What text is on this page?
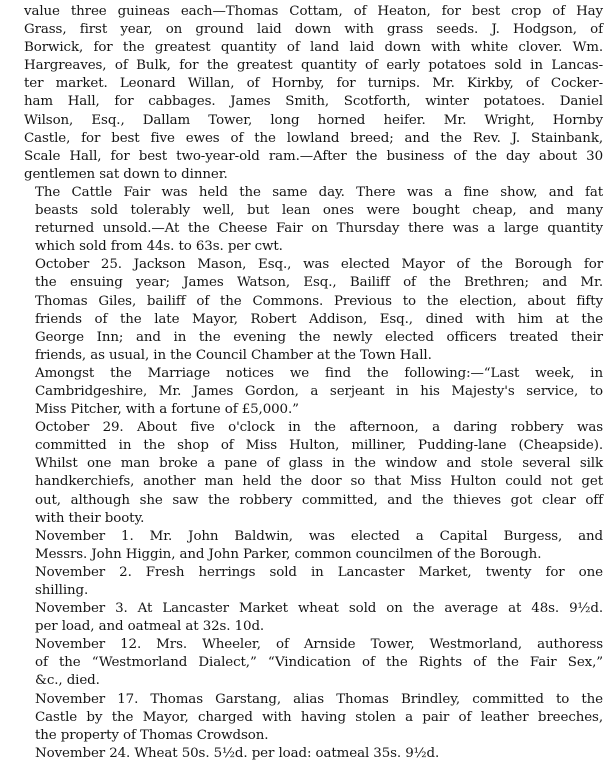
value three guineas each—Thomas Cottam, of Heaton, for best crop of Hay
Grass, first year, on ground laid down with grass seeds. J. Hodgson, of
Borwick, for the greatest quantity of land laid down with white clover. Wm.
Hargreaves, of Bulk, for the greatest quantity of early potatoes sold in Lancas-
ter market. Leonard Willan, of Hornby, for turnips. Mr. Kirkby, of Cocker-
ham Hall, for cabbages. James Smith, Scotforth, winter potatoes. Daniel
Wilson, Esq., Dallam Tower, long horned heifer. Mr. Wright, Hornby
Castle, for best five ewes of the lowland breed; and the Rev. J. Stainbank,
Scale Hall, for best two-year-old ram.—After the business of the day about 30
gentlemen sat down to dinner.

The Cattle Fair was held the same day. There was a fine show, and fat
beasts sold tolerably well, but lean ones were bought cheap, and many
returned unsold.—At the Cheese Fair on Thursday there was a large quantity
which sold from 44s. to 63s. per cwt.

October 25. Jackson Mason, Esq., was elected Mayor of the Borough for
the ensuing year; James Watson, Esq., Bailiff of the Brethren; and Mr.
Thomas Giles, bailiff of the Commons. Previous to the election, about fifty
friends of the late Mayor, Robert Addison, Esq., dined with him at the
George Inn; and in the evening the newly elected officers treated their
friends, as usual, in the Council Chamber at the Town Hall.

Amongst the Marriage notices we find the following:—“Last week, in
Cambridgeshire, Mr. James Gordon, a serjeant in his Majesty's service, to
Miss Pitcher, with a fortune of £5,000.”

October 29. About five o'clock in the afternoon, a daring robbery was
committed in the shop of Miss Hulton, milliner, Pudding-lane (Cheapside).
Whilst one man broke a pane of glass in the window and stole several silk
handkerchiefs, another man held the door so that Miss Hulton could not get
out, although she saw the robbery committed, and the thieves got clear off
with their booty.

November 1. Mr. John Baldwin, was elected a Capital Burgess, and
Messrs. John Higgin, and John Parker, common councilmen of the Borough.

November 2. Fresh herrings sold in Lancaster Market, twenty for one
shilling.

November 3. At Lancaster Market wheat sold on the average at 48s. 9½d.
per load, and oatmeal at 32s. 10d.

November 12. Mrs. Wheeler, of Arnside Tower, Westmorland, authoress
of the “Westmorland Dialect,” “Vindication of the Rights of the Fair Sex,”
&c., died.

November 17. Thomas Garstang, alias Thomas Brindley, committed to the
Castle by the Mayor, charged with having stolen a pair of leather breeches,
the property of Thomas Crowdson.

November 24. Wheat 50s. 5½d. per load: oatmeal 35s. 9½d.
